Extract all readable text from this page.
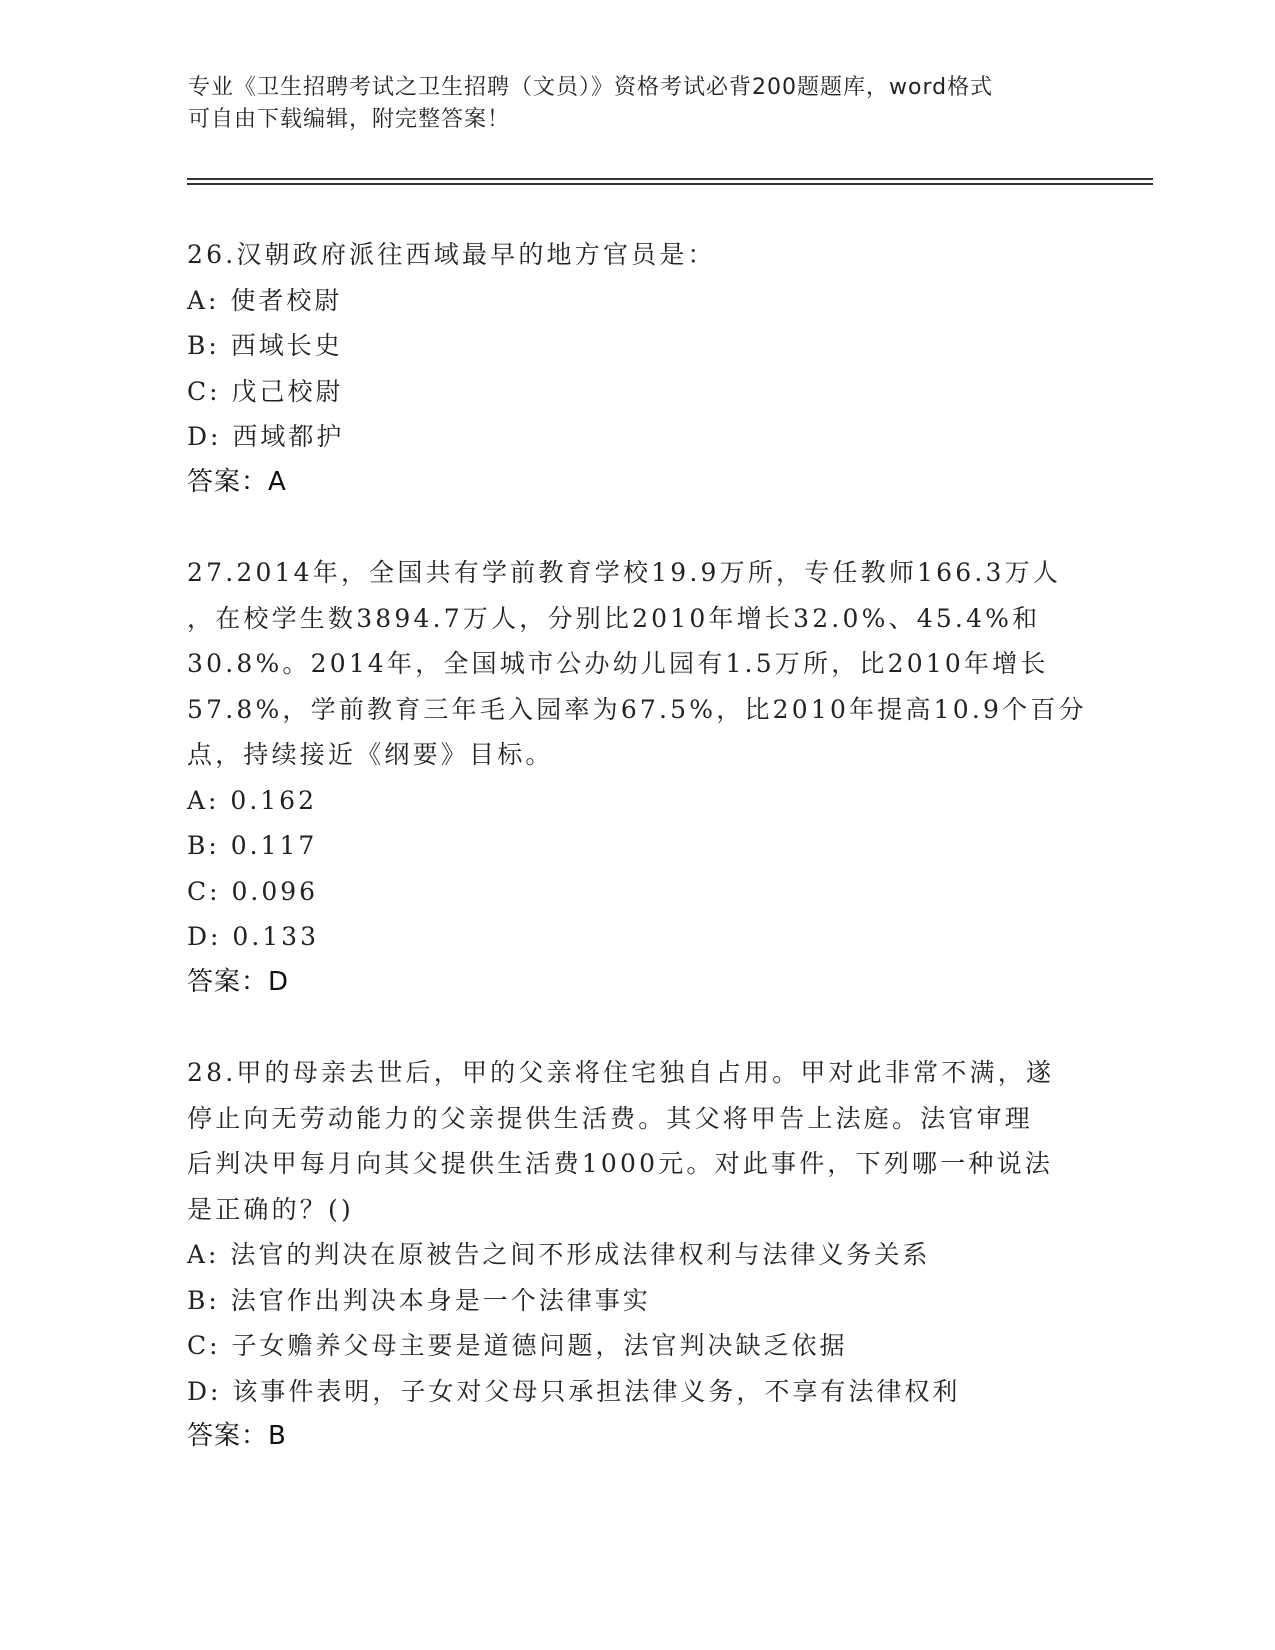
专业《卫生招聘考试之卫生招聘（文员）》资格考试必背200题题库，word格式
可自由下载编辑，附完整答案！
26.汉朝政府派往西域最早的地方官员是：
A: 使者校尉
B: 西域长史
C: 戊己校尉
D: 西域都护
答案：A
27.2014年，全国共有学前教育学校19.9万所，专任教师166.3万人
，在校学生数3894.7万人，分别比2010年增长32.0%、45.4%和
30.8%。2014年，全国城市公办幼儿园有1.5万所，比2010年增长
57.8%，学前教育三年毛入园率为67.5%，比2010年提高10.9个百分
点，持续接近《纲要》目标。
A: 0.162
B: 0.117
C: 0.096
D: 0.133
答案：D
28.甲的母亲去世后，甲的父亲将住宅独自占用。甲对此非常不满，遂
停止向无劳动能力的父亲提供生活费。其父将甲告上法庭。法官审理
后判决甲每月向其父提供生活费1000元。对此事件，下列哪一种说法
是正确的？()
A: 法官的判决在原被告之间不形成法律权利与法律义务关系
B: 法官作出判决本身是一个法律事实
C: 子女赡养父母主要是道德问题，法官判决缺乏依据
D: 该事件表明，子女对父母只承担法律义务，不享有法律权利
答案：B
